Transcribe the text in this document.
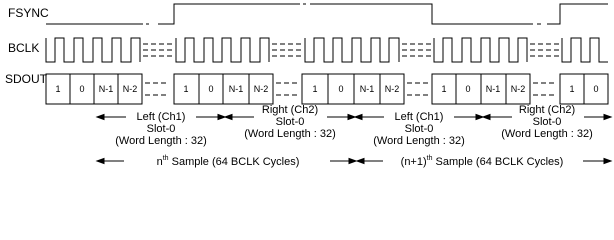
FSYNC
BCLK
SDOUT
1 0 N-1 N-2	1 0 N-1 N-2	1 0 N-1 N-2	1 0 N-1 N-2	1 0
Left (Ch1)
Slot-0
(Word Length : 32)
Right (Ch2)
Slot-0
(Word Length : 32)
Left (Ch1)
Slot-0
(Word Length : 32)
Right (Ch2)
Slot-0
(Word Length : 32)
$n^{th}$ Sample (64 BCLK Cycles)	$(n+1)^{th}$ Sample (64 BCLK Cycles)
